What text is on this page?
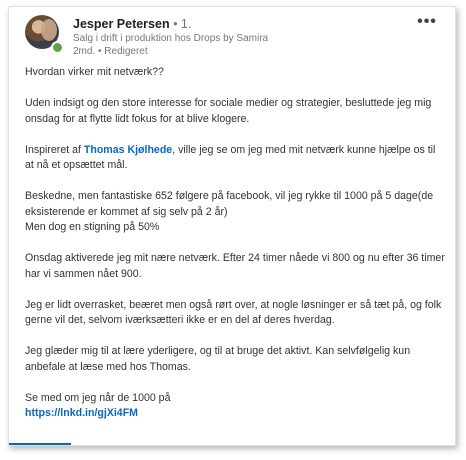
Jesper Petersen • 1.
Salg i drift i produktion hos Drops by Samira
2md. • Redigeret
•••

Hvordan virker mit netværk??

Uden indsigt og den store interesse for sociale medier og strategier, besluttede jeg mig onsdag for at flytte lidt fokus for at blive klogere.

Inspireret af Thomas Kjølhede, ville jeg se om jeg med mit netværk kunne hjælpe os til at nå et opsættet mål.

Beskedne, men fantastiske 652 følgere på facebook, vil jeg rykke til 1000 på 5 dage(de eksisterende er kommet af sig selv på 2 år)

Men dog en stigning på 50%

Onsdag aktiverede jeg mit nære netværk. Efter 24 timer nåede vi 800 og nu efter 36 timer har vi sammen nået 900.

Jeg er lidt overrasket, beæret men også rørt over, at nogle løsninger er så tæt på, og folk gerne vil det, selvom iværksætteri ikke er en del af deres hverdag.

Jeg glæder mig til at lære yderligere, og til at bruge det aktivt. Kan selvfølgelig kun anbefale at læse med hos Thomas.

Se med om jeg når de 1000 på

https://lnkd.in/gjXi4FM
